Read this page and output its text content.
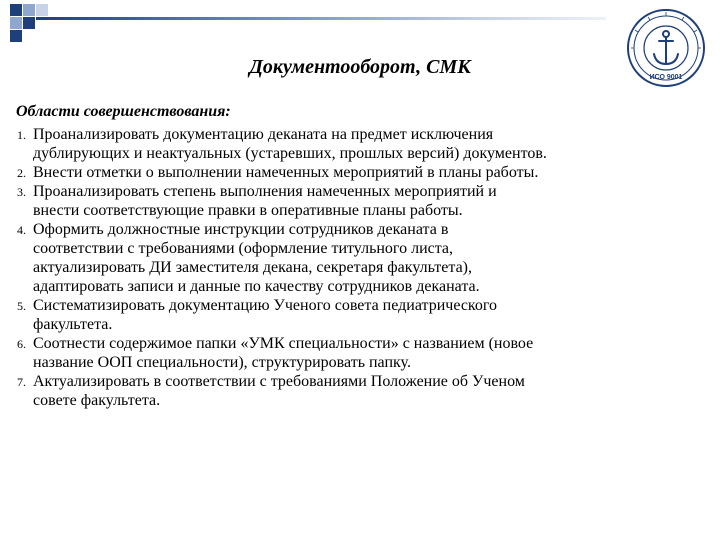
ИСО 9001
Документооборот, СМК
Области совершенствования:
1. Проанализировать документацию деканата на предмет исключения
дублирующих и неактуальных (устаревших, прошлых версий) документов.
2. Внести отметки о выполнении намеченных мероприятий в планы работы.
3. Проанализировать степень выполнения намеченных мероприятий и
внести соответствующие правки в оперативные планы работы.
4. Оформить должностные инструкции сотрудников деканата в
соответствии с требованиями (оформление титульного листа,
актуализировать ДИ заместителя декана, секретаря факультета),
адаптировать записи и данные по качеству сотрудников деканата.
5. Систематизировать документацию Ученого совета педиатрического
факультета.
6. Соотнести содержимое папки «УМК специальности» с названием (новое
название ООП специальности), структурировать папку.
7. Актуализировать в соответствии с требованиями Положение об Ученом
совете факультета.
